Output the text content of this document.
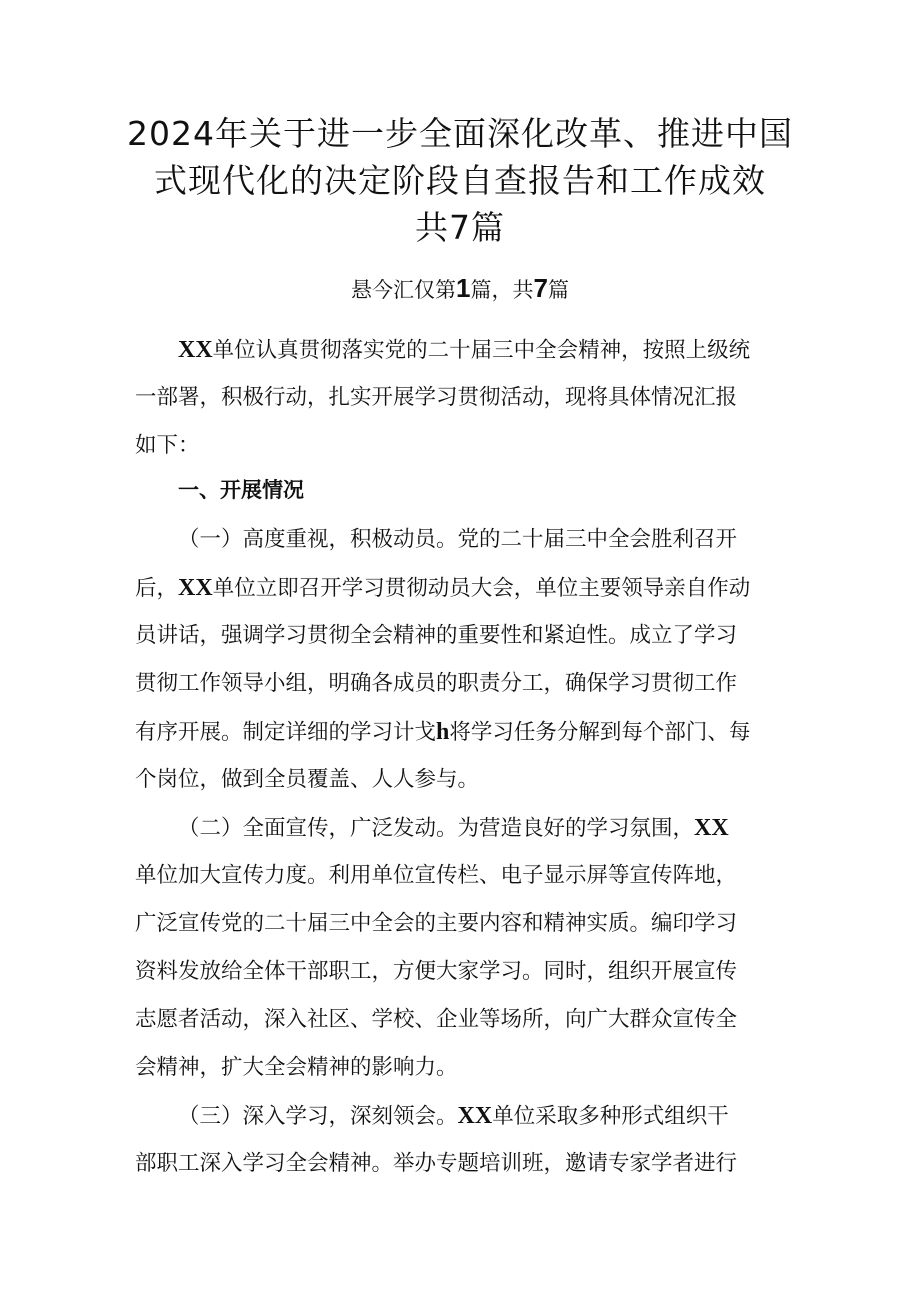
2024年关于进一步全面深化改革、推进中国
式现代化的决定阶段自查报告和工作成效
共7篇

悬今汇仅第1篇，共7篇

XX单位认真贯彻落实党的二十届三中全会精神，按照上级统
一部署，积极行动，扎实开展学习贯彻活动，现将具体情况汇报
如下：
一、开展情况
（一）高度重视，积极动员。党的二十届三中全会胜利召开
后，XX单位立即召开学习贯彻动员大会，单位主要领导亲自作动
员讲话，强调学习贯彻全会精神的重要性和紧迫性。成立了学习
贯彻工作领导小组，明确各成员的职责分工，确保学习贯彻工作
有序开展。制定详细的学习计戈h将学习任务分解到每个部门、每
个岗位，做到全员覆盖、人人参与。
（二）全面宣传，广泛发动。为营造良好的学习氛围，XX
单位加大宣传力度。利用单位宣传栏、电子显示屏等宣传阵地，
广泛宣传党的二十届三中全会的主要内容和精神实质。编印学习
资料发放给全体干部职工，方便大家学习。同时，组织开展宣传
志愿者活动，深入社区、学校、企业等场所，向广大群众宣传全
会精神，扩大全会精神的影响力。
（三）深入学习，深刻领会。XX单位采取多种形式组织干
部职工深入学习全会精神。举办专题培训班，邀请专家学者进行
